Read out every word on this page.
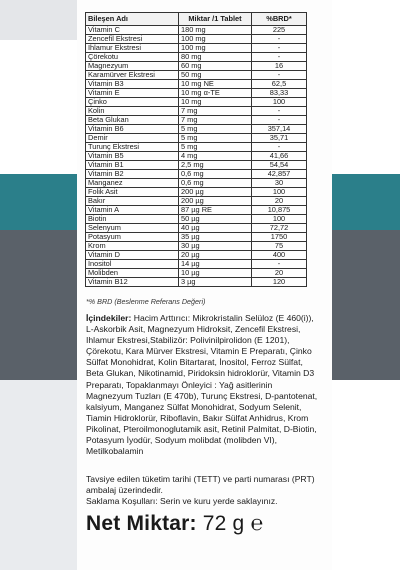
Bileşen Adı	Miktar /1 Tablet	%BRD*
Vitamin C	180 mg	225
Zencefil Ekstresi	100 mg	-
Ihlamur Ekstresi	100 mg	-
Çörekotu	80 mg	-
Magnezyum	60 mg	16
Karamürver Ekstresi	50 mg	-
Vitamin B3	10 mg NE	62,5
Vitamin E	10 mg α-TE	83,33
Çinko	10 mg	100
Kolin	7 mg	-
Beta Glukan	7 mg	-
Vitamin B6	5 mg	357,14
Demir	5 mg	35,71
Turunç Ekstresi	5 mg	-
Vitamin B5	4 mg	41,66
Vitamin B1	2,5 mg	54,54
Vitamin B2	0,6 mg	42,857
Manganez	0,6 mg	30
Folik Asit	200 µg	100
Bakır	200 µg	20
Vitamin A	87 µg RE	10,875
Biotin	50 µg	100
Selenyum	40 µg	72,72
Potasyum	35 µg	1750
Krom	30 µg	75
Vitamin D	20 µg	400
İnositol	14 µg	-
Molibden	10 µg	20
Vitamin B12	3 µg	120
*% BRD (Beslenme Referans Değeri)
İçindekiler: Hacim Arttırıcı: Mikrokristalin Selüloz (E 460(i)), L-Askorbik Asit, Magnezyum Hidroksit, Zencefil Ekstresi, Ihlamur Ekstresi,Stabilizör: Polivinilpirolidon (E 1201), Çörekotu, Kara Mürver Ekstresi, Vitamin E Preparatı, Çinko Sülfat Monohidrat, Kolin Bitartarat, İnositol, Ferroz Sülfat, Beta Glukan, Nikotinamid, Piridoksin hidroklorür, Vitamin D3 Preparatı, Topaklanmayı Önleyici : Yağ asitlerinin Magnezyum Tuzları (E 470b), Turunç Ekstresi, D-pantotenat, kalsiyum, Manganez Sülfat Monohidrat, Sodyum Selenit, Tiamin Hidroklorür, Riboflavin, Bakır Sülfat Anhidrus, Krom Pikolinat, Pteroilmonoglutamik asit, Retinil Palmitat, D-Biotin, Potasyum İyodür, Sodyum molibdat (molibden VI), Metilkobalamin
Tavsiye edilen tüketim tarihi (TETT) ve parti numarası (PRT) ambalaj üzerindedir.
Saklama Koşulları: Serin ve kuru yerde saklayınız.
Net Miktar: 72 g ℮
